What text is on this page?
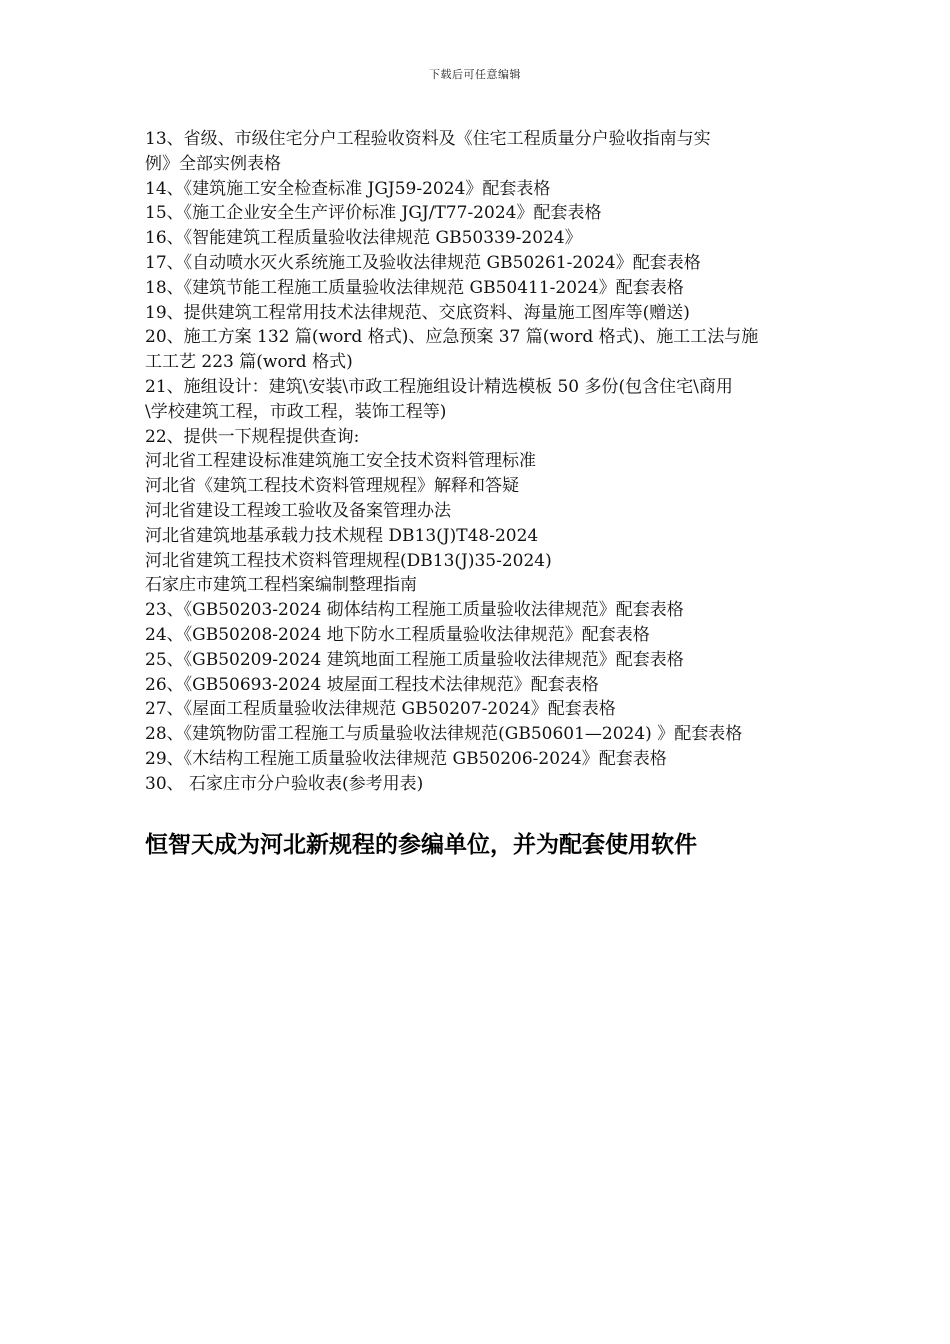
下载后可任意编辑
13、省级、市级住宅分户工程验收资料及《住宅工程质量分户验收指南与实
例》全部实例表格
14、《建筑施工安全检查标准 JGJ59-2024》配套表格
15、《施工企业安全生产评价标准 JGJ/T77-2024》配套表格
16、《智能建筑工程质量验收法律规范 GB50339-2024》
17、《自动喷水灭火系统施工及验收法律规范 GB50261-2024》配套表格
18、《建筑节能工程施工质量验收法律规范 GB50411-2024》配套表格
19、提供建筑工程常用技术法律规范、交底资料、海量施工图库等(赠送)
20、施工方案 132 篇(word 格式)、应急预案 37 篇(word 格式)、施工工法与施
工工艺 223 篇(word 格式)
21、施组设计：建筑\安装\市政工程施组设计精选模板 50 多份(包含住宅\商用
\学校建筑工程，市政工程，装饰工程等)
22、提供一下规程提供查询:
河北省工程建设标准建筑施工安全技术资料管理标准
河北省《建筑工程技术资料管理规程》解释和答疑
河北省建设工程竣工验收及备案管理办法
河北省建筑地基承载力技术规程 DB13(J)T48-2024
河北省建筑工程技术资料管理规程(DB13(J)35-2024)
石家庄市建筑工程档案编制整理指南
23、《GB50203-2024 砌体结构工程施工质量验收法律规范》配套表格
24、《GB50208-2024 地下防水工程质量验收法律规范》配套表格
25、《GB50209-2024 建筑地面工程施工质量验收法律规范》配套表格
26、《GB50693-2024 坡屋面工程技术法律规范》配套表格
27、《屋面工程质量验收法律规范 GB50207-2024》配套表格
28、《建筑物防雷工程施工与质量验收法律规范(GB50601—2024) 》配套表格
29、《木结构工程施工质量验收法律规范 GB50206-2024》配套表格
30、 石家庄市分户验收表(参考用表)
恒智天成为河北新规程的参编单位，并为配套使用软件
